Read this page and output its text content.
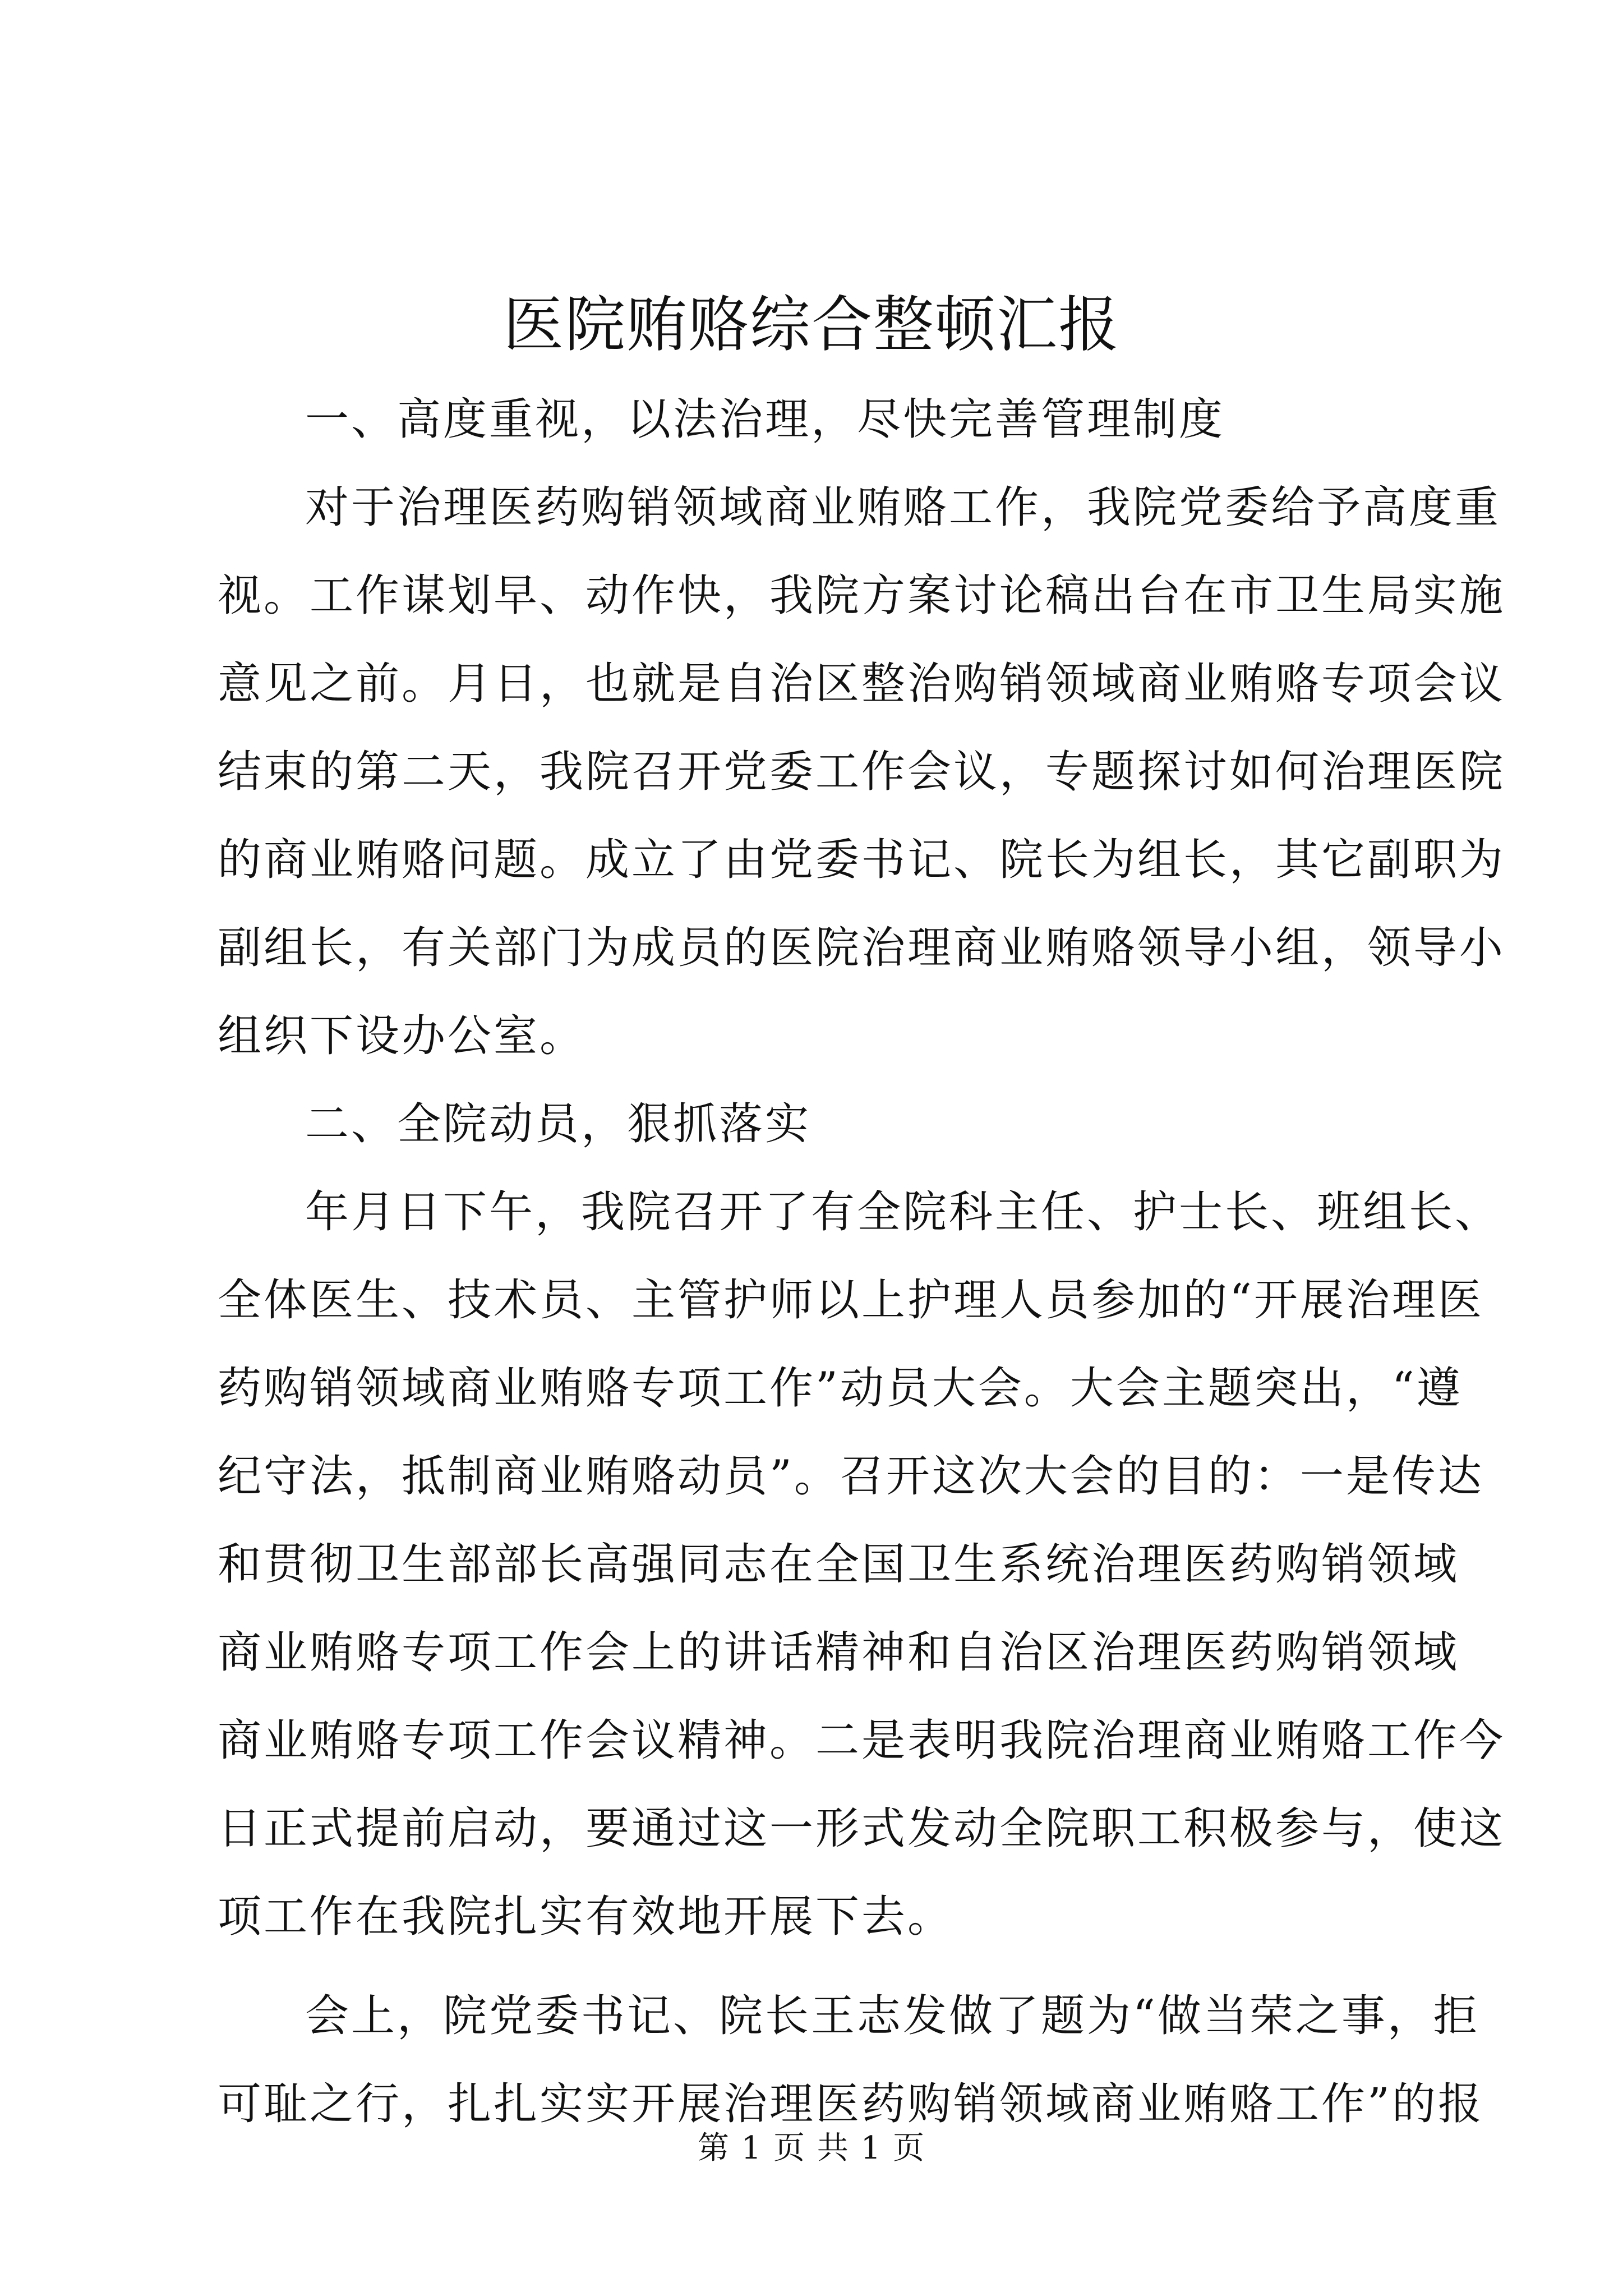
医院贿赂综合整顿汇报

一、高度重视，以法治理，尽快完善管理制度

对于治理医药购销领域商业贿赂工作，我院党委给予高度重
视。工作谋划早、动作快，我院方案讨论稿出台在市卫生局实施
意见之前。月日，也就是自治区整治购销领域商业贿赂专项会议
结束的第二天，我院召开党委工作会议，专题探讨如何治理医院
的商业贿赂问题。成立了由党委书记、院长为组长，其它副职为
副组长，有关部门为成员的医院治理商业贿赂领导小组，领导小
组织下设办公室。

二、全院动员，狠抓落实

年月日下午，我院召开了有全院科主任、护士长、班组长、
全体医生、技术员、主管护师以上护理人员参加的“开展治理医
药购销领域商业贿赂专项工作”动员大会。大会主题突出，“遵
纪守法，抵制商业贿赂动员”。召开这次大会的目的：一是传达
和贯彻卫生部部长高强同志在全国卫生系统治理医药购销领域
商业贿赂专项工作会上的讲话精神和自治区治理医药购销领域
商业贿赂专项工作会议精神。二是表明我院治理商业贿赂工作今
日正式提前启动，要通过这一形式发动全院职工积极参与，使这
项工作在我院扎实有效地开展下去。

会上，院党委书记、院长王志发做了题为“做当荣之事，拒
可耻之行，扎扎实实开展治理医药购销领域商业贿赂工作”的报

第 1 页 共 1 页
